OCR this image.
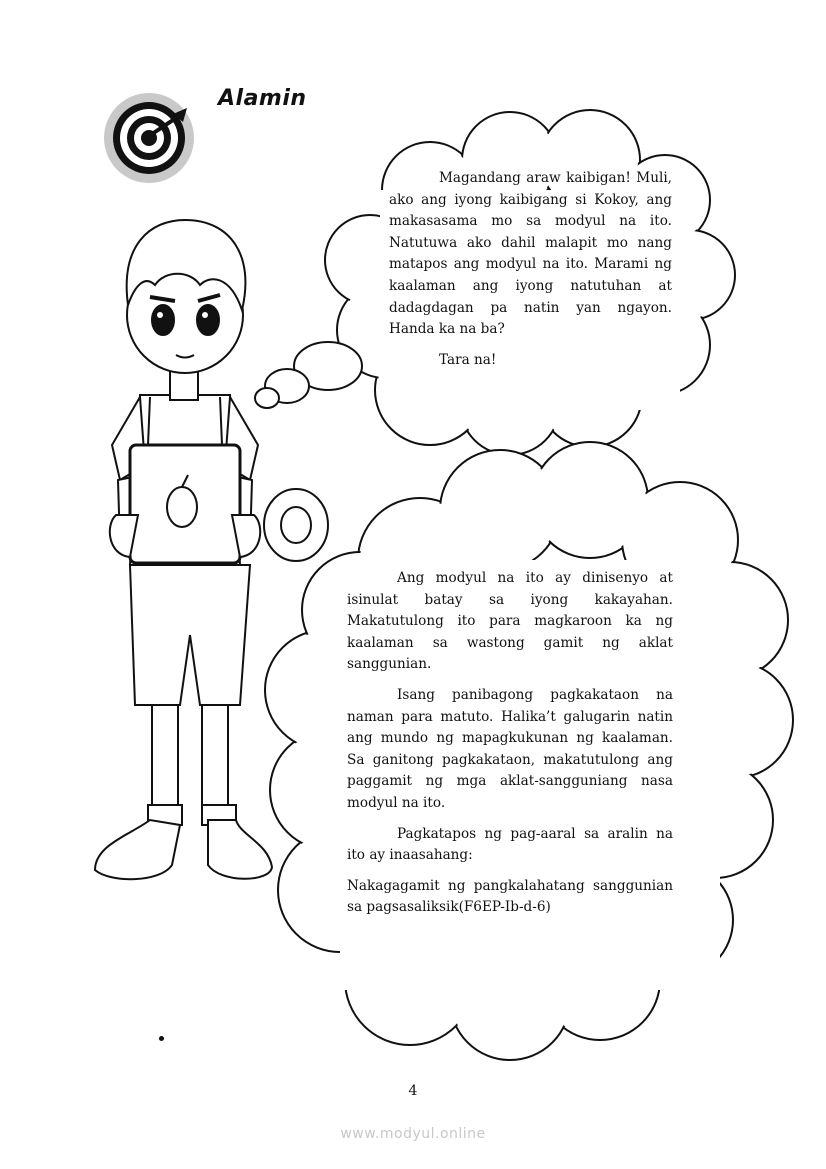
Alamin

Magandang araw kaibigan! Muli, ako ang iyong kaibigang si Kokoy, ang makasasama mo sa modyul na ito. Natutuwa ako dahil malapit mo nang matapos ang modyul na ito. Marami ng kaalaman ang iyong natutuhan at dadagdagan pa natin yan ngayon. Handa ka na ba?

Tara na!

Ang modyul na ito ay dinisenyo at isinulat batay sa iyong kakayahan. Makatutulong ito para magkaroon ka ng kaalaman sa wastong gamit ng aklat sanggunian.

Isang panibagong pagkakataon na naman para matuto. Halika’t galugarin natin ang mundo ng mapagkukunan ng kaalaman. Sa ganitong pagkakataon, makatutulong ang paggamit ng mga aklat-sangguniang nasa modyul na ito.

Pagkatapos ng pag-aaral sa aralin na ito ay inaasahang:

Nakagagamit ng pangkalahatang sanggunian sa pagsasaliksik(F6EP-Ib-d-6)

4
www.modyul.online
